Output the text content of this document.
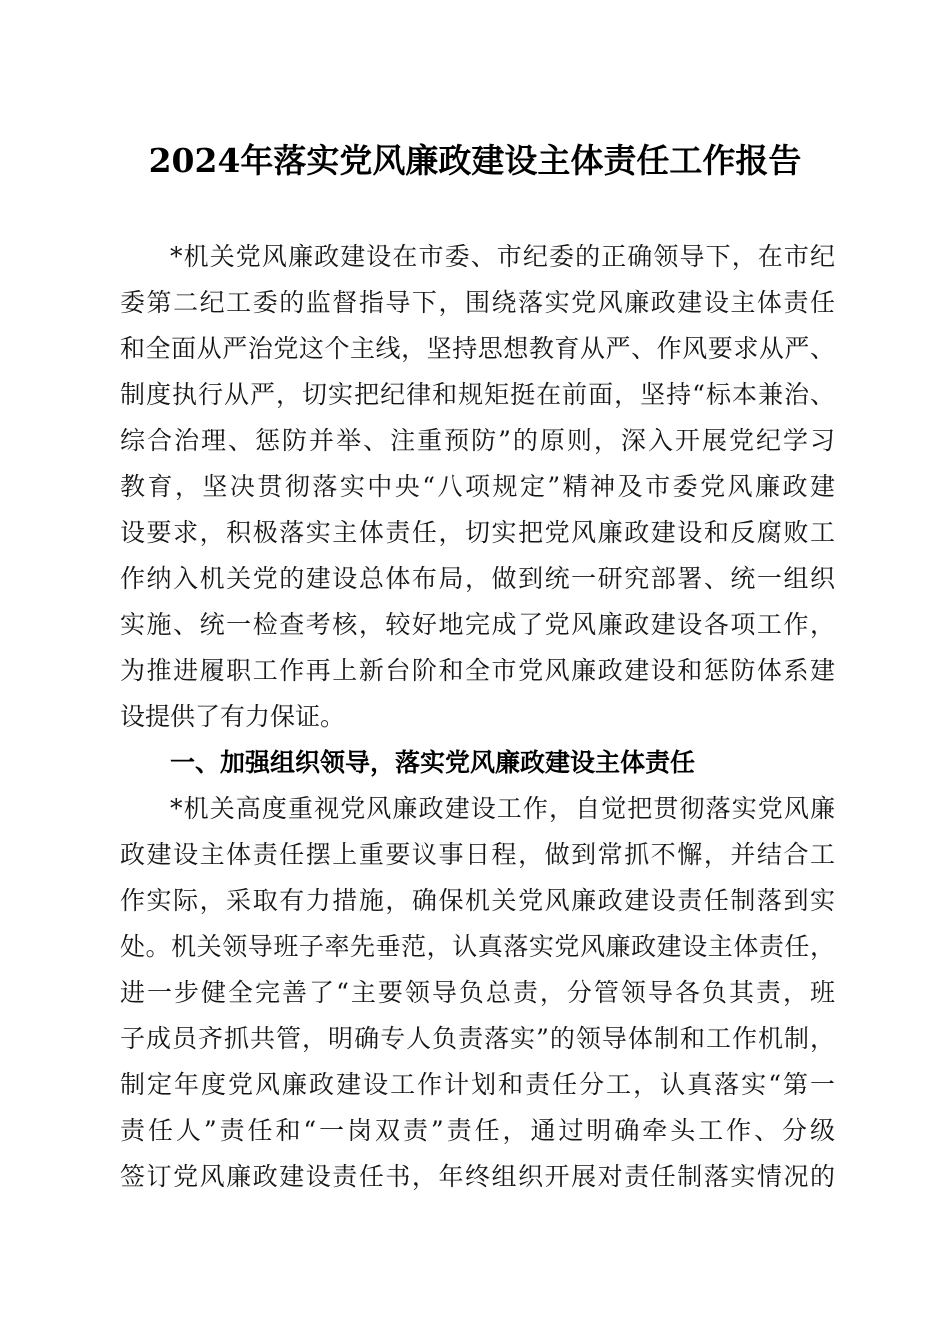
2024年落实党风廉政建设主体责任工作报告
*机关党风廉政建设在市委、市纪委的正确领导下，在市纪
委第二纪工委的监督指导下，围绕落实党风廉政建设主体责任
和全面从严治党这个主线，坚持思想教育从严、作风要求从严、
制度执行从严，切实把纪律和规矩挺在前面，坚持“标本兼治、
综合治理、惩防并举、注重预防”的原则，深入开展党纪学习
教育，坚决贯彻落实中央“八项规定”精神及市委党风廉政建
设要求，积极落实主体责任，切实把党风廉政建设和反腐败工
作纳入机关党的建设总体布局，做到统一研究部署、统一组织
实施、统一检查考核，较好地完成了党风廉政建设各项工作，
为推进履职工作再上新台阶和全市党风廉政建设和惩防体系建
设提供了有力保证。
一、加强组织领导，落实党风廉政建设主体责任
*机关高度重视党风廉政建设工作，自觉把贯彻落实党风廉
政建设主体责任摆上重要议事日程，做到常抓不懈，并结合工
作实际，采取有力措施，确保机关党风廉政建设责任制落到实
处。机关领导班子率先垂范，认真落实党风廉政建设主体责任，
进一步健全完善了“主要领导负总责，分管领导各负其责，班
子成员齐抓共管，明确专人负责落实”的领导体制和工作机制，
制定年度党风廉政建设工作计划和责任分工，认真落实“第一
责任人”责任和“一岗双责”责任，通过明确牵头工作、分级
签订党风廉政建设责任书，年终组织开展对责任制落实情况的
